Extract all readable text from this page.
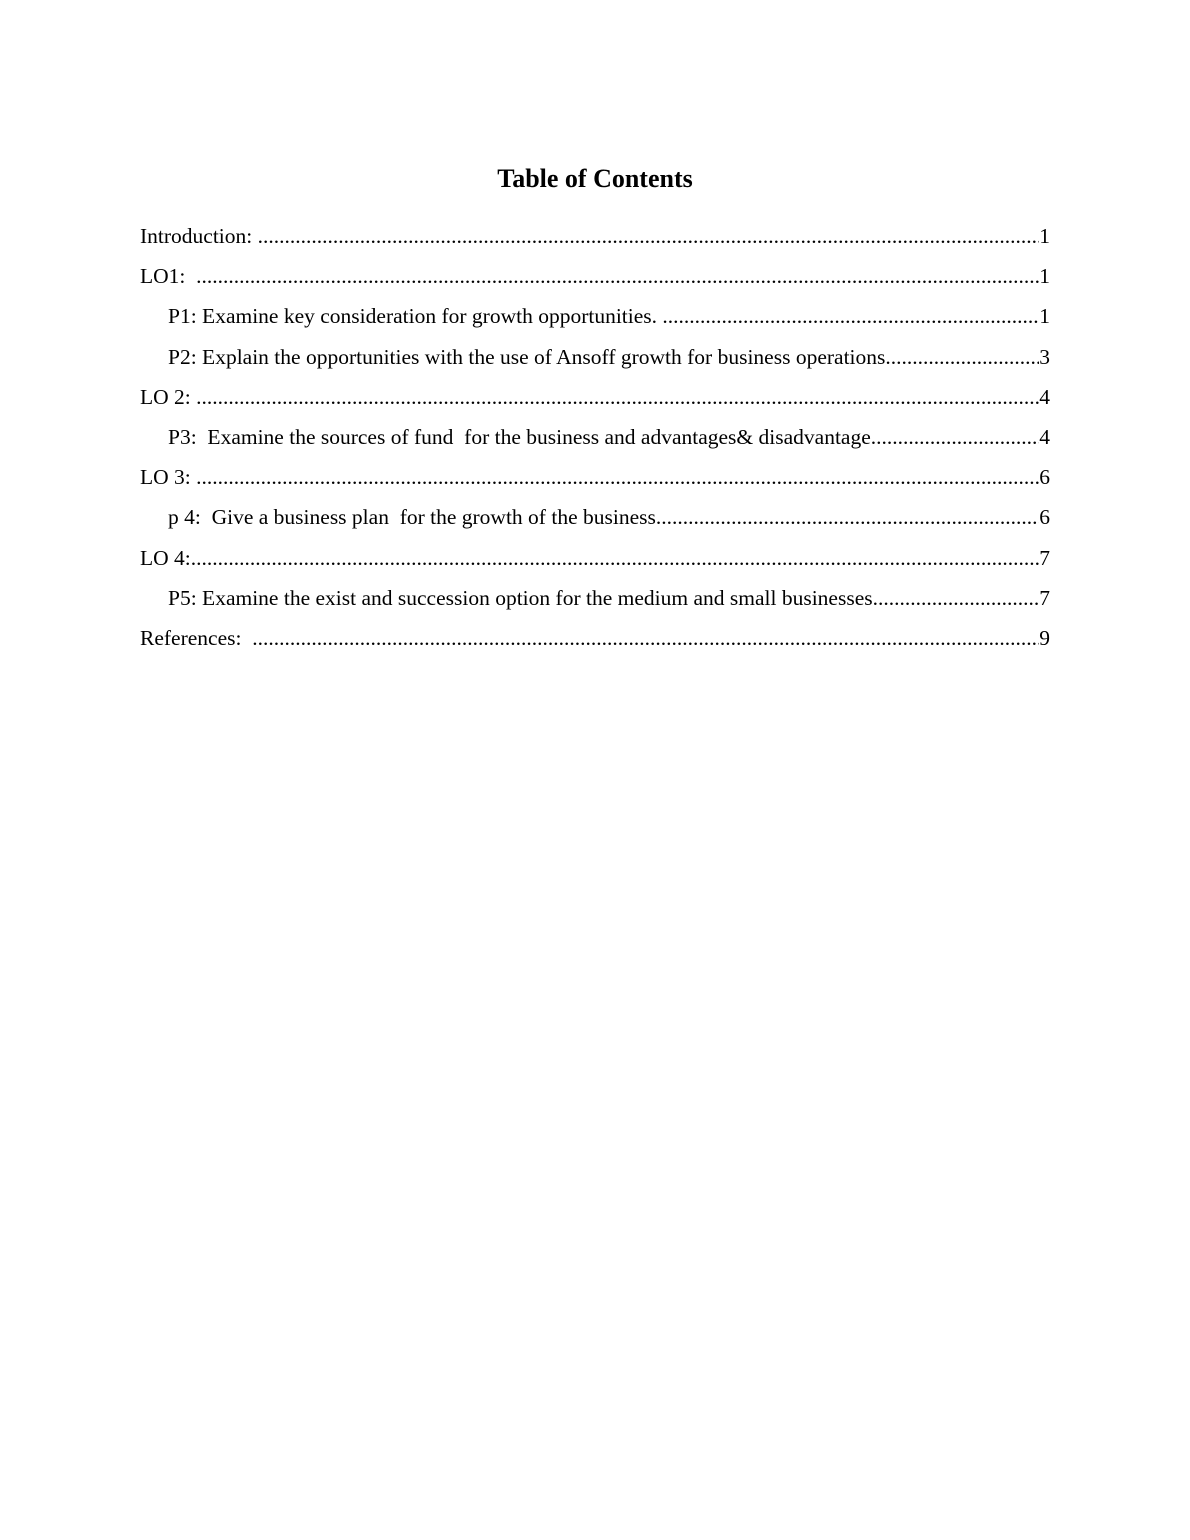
Table of Contents
Introduction: .....	1
LO1: .....	1
P1: Examine key consideration for growth opportunities. .....	1
P2: Explain the opportunities with the use of Ansoff growth for business operations. .....	3
LO 2: .....	4
P3:  Examine the sources of fund  for the business and advantages& disadvantage. .....	4
LO 3: .....	6
p 4:  Give a business plan  for the growth of the business. .....	6
LO 4: .....	7
P5: Examine the exist and succession option for the medium and small businesses. .....	7
References: .....	9
